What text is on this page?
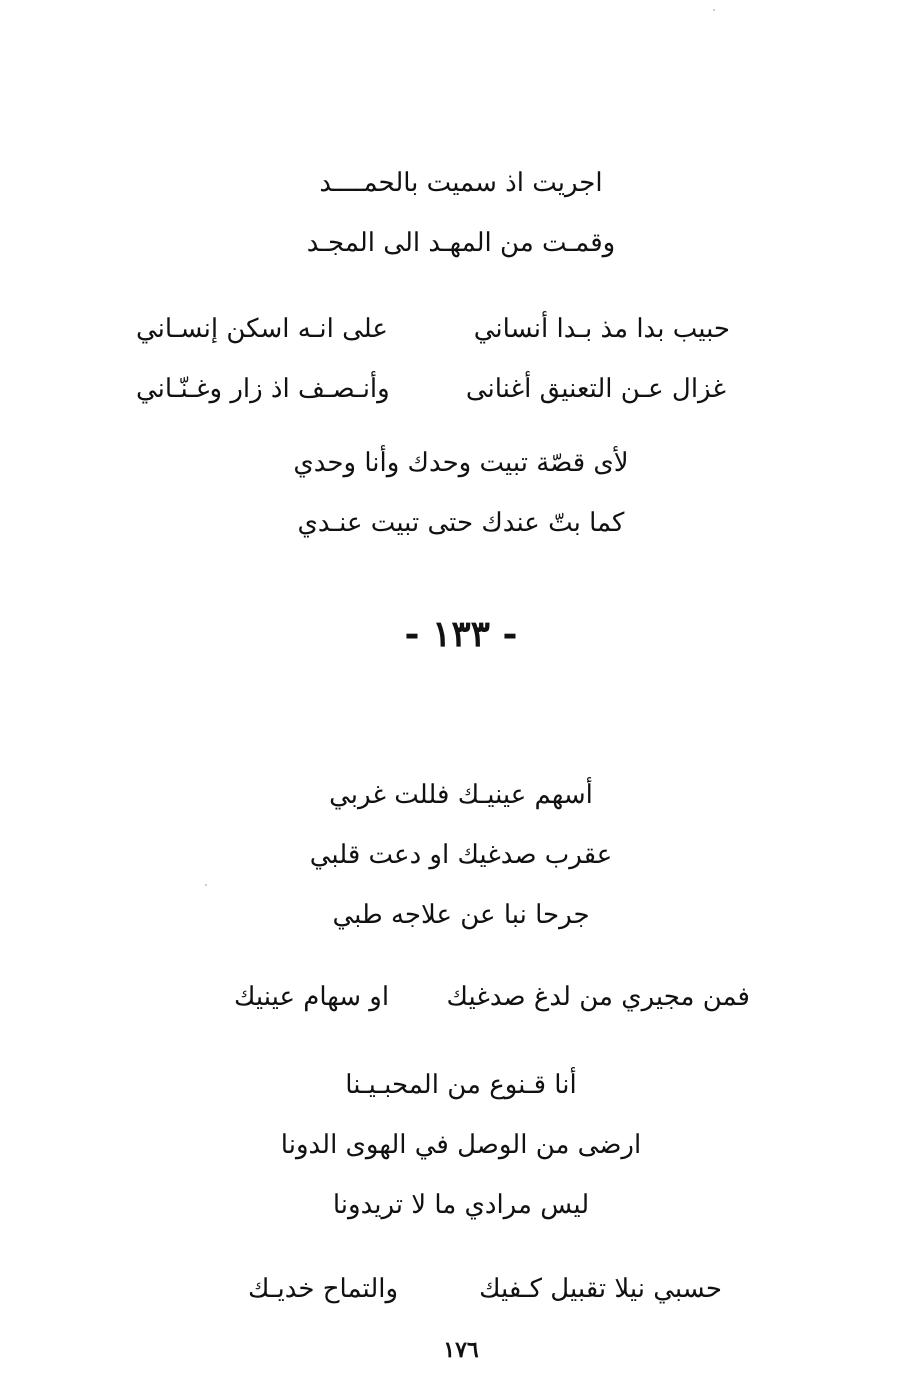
اجريت اذ سميت بالحمــــد
وقمـت من المهـد الى المجـد
حبيب بدا مذ بـدا أنساني
على انـه اسكن إنسـاني
غزال عـن التعنيق أغنانى
وأنـصـف اذ زار وغـنّـاني
لأى قصّة تبيت وحدك وأنا وحدي
كما بتّ عندك حتى تبيت عنـدي
- ١٣٣ -
أسهم عينيـك فللت غربي
عقرب صدغيك او دعت قلبي
جرحا نبا عن علاجه طبي
فمن مجيري من لدغ صدغيك
او سهام عينيك
أنا قـنوع من المحبـيـنا
ارضى من الوصل في الهوى الدونا
ليس مرادي ما لا تريدونا
حسبي نيلا تقبيل كـفيك
والتماح خديـك
١٧٦
